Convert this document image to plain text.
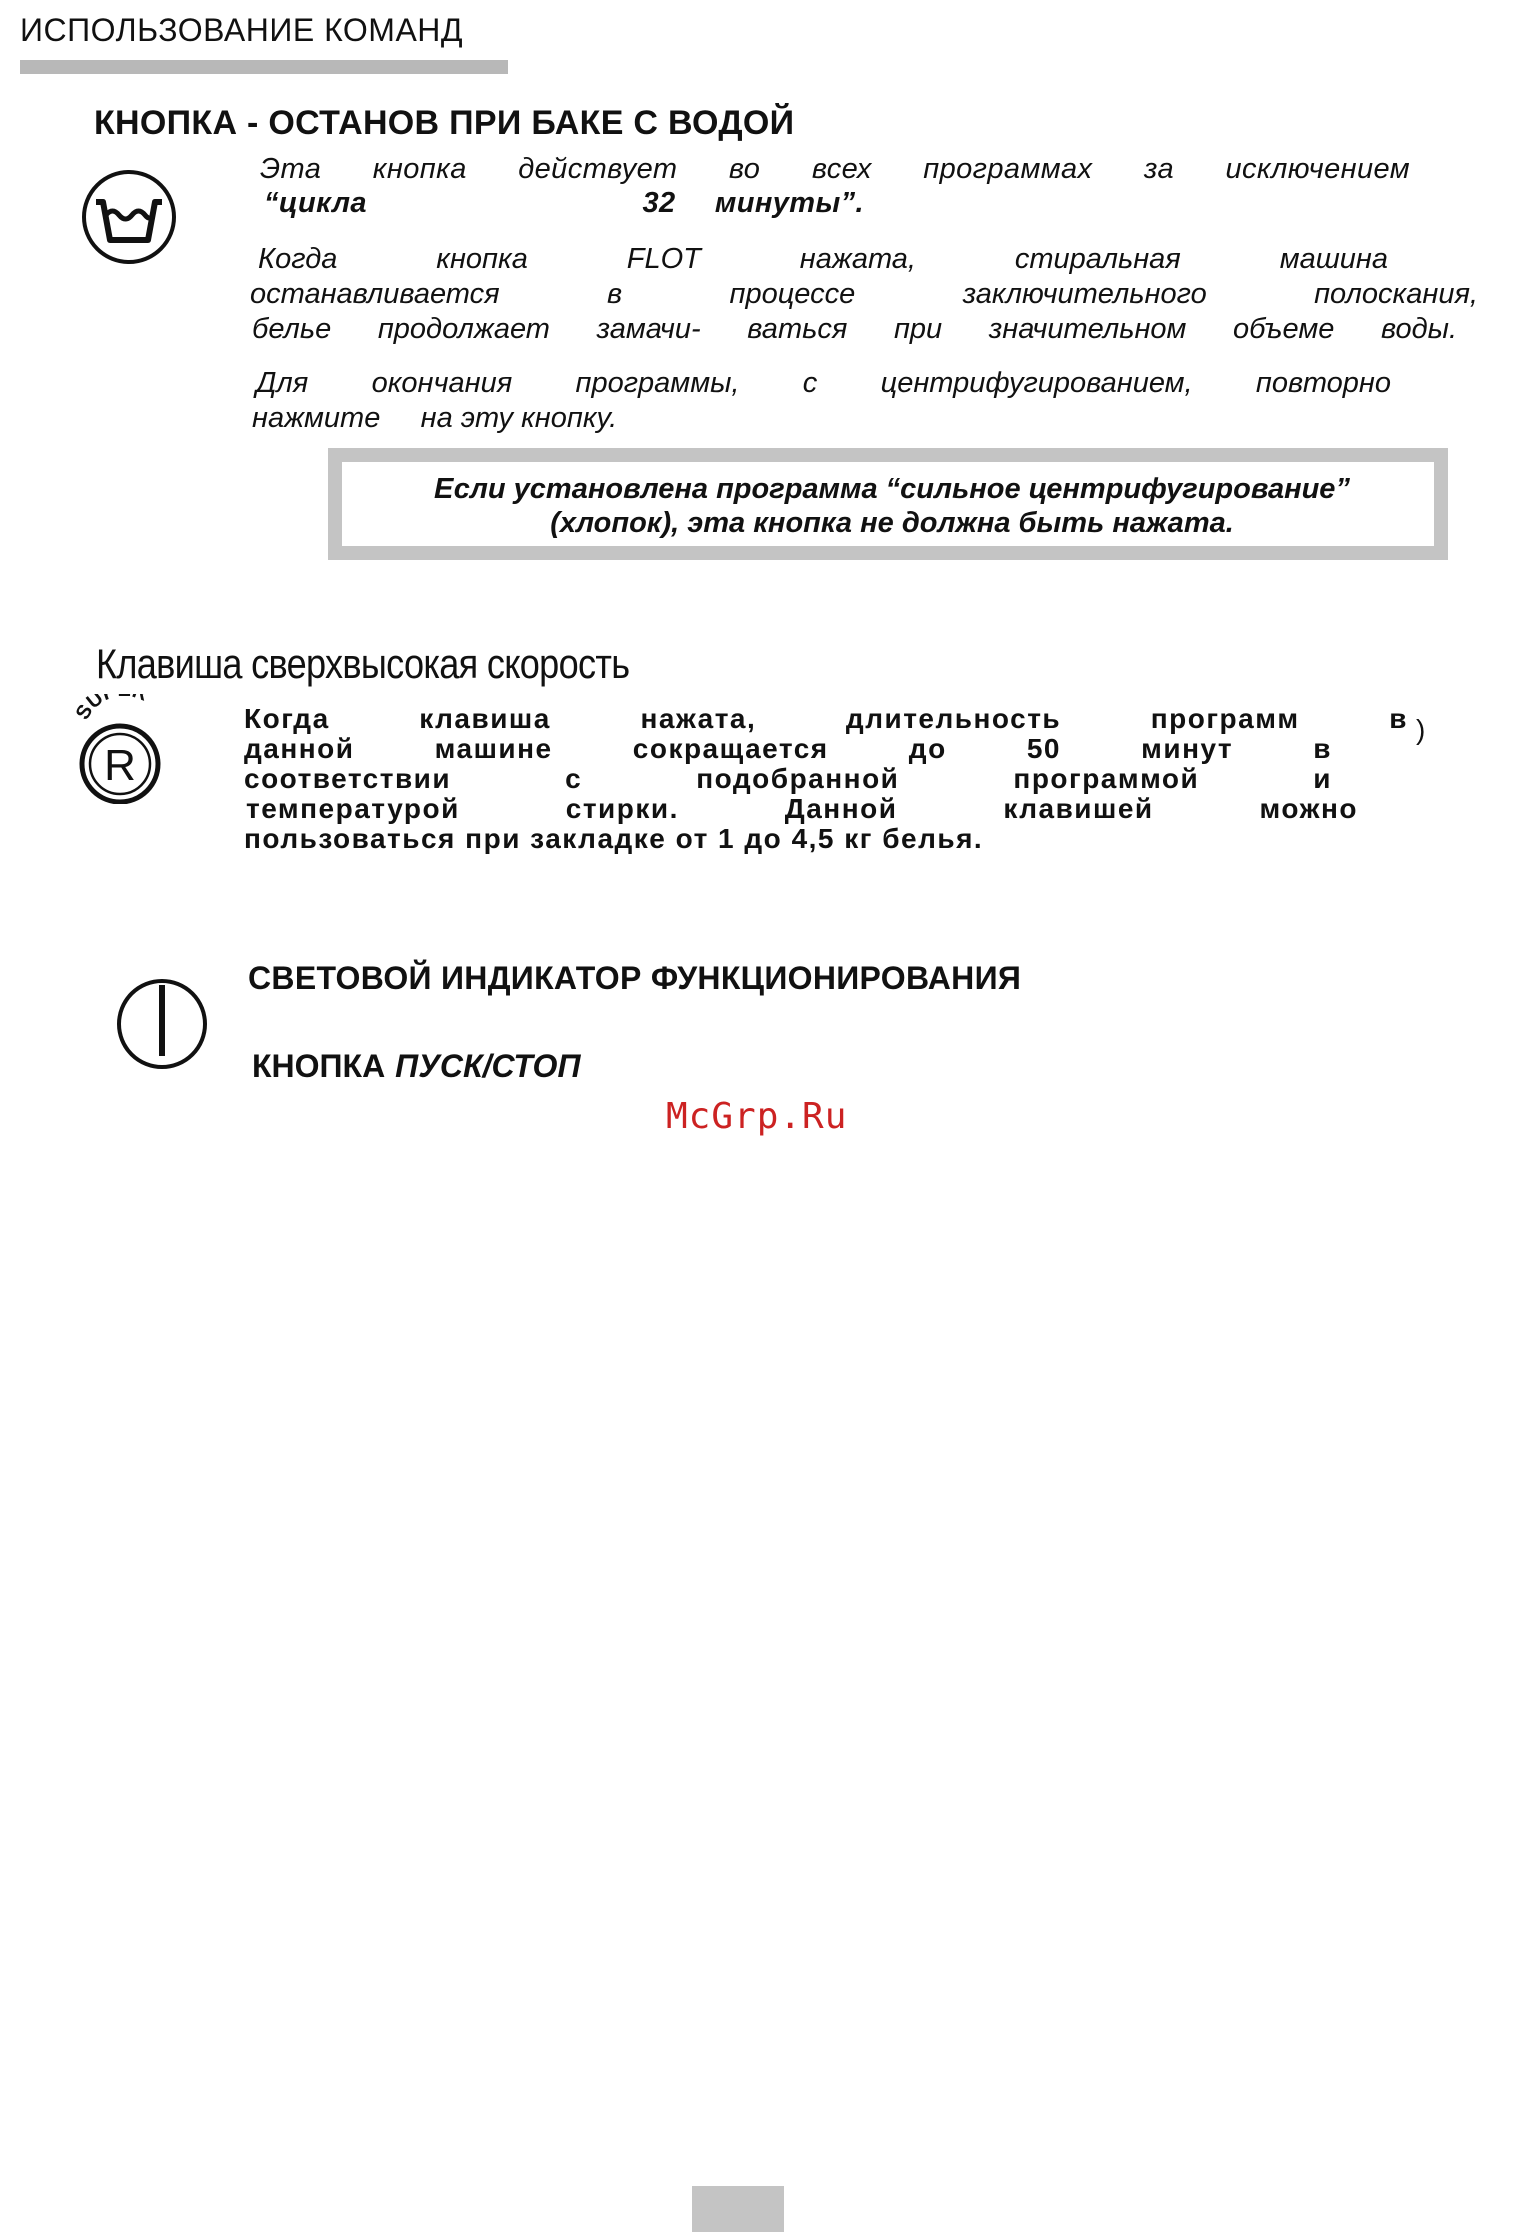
ИСПОЛЬЗОВАНИЕ КОМАНД
КНОПКА - ОСТАНОВ ПРИ БАКЕ С ВОДОЙ
Эта кнопка действует во всех программах за исключением
“цикла       32 минуты”.
Когда кнопка FLOT нажата, стиральная машина
останавливается в процессе заключительного полоскания,
белье продолжает замачи- ваться при значительном объеме воды.
Для окончания программы, с центрифугированием, повторно
нажмите     на эту кнопку.
Если установлена программа “сильное центрифугирование”
(хлопок), эта кнопка не должна быть нажата.
Клавиша сверхвысокая скорость
SU
R
Когда клавиша нажата, длительность программ в
данной машине сокращается до 50 минут в
соответствии с подобранной программой и
температурой стирки. Данной клавишей можно
пользоваться при закладке от 1 до 4,5 кг белья.
)
СВЕТОВОЙ ИНДИКАТОР ФУНКЦИОНИРОВАНИЯ
КНОПКА ПУСК/СТОП
McGrp.Ru
